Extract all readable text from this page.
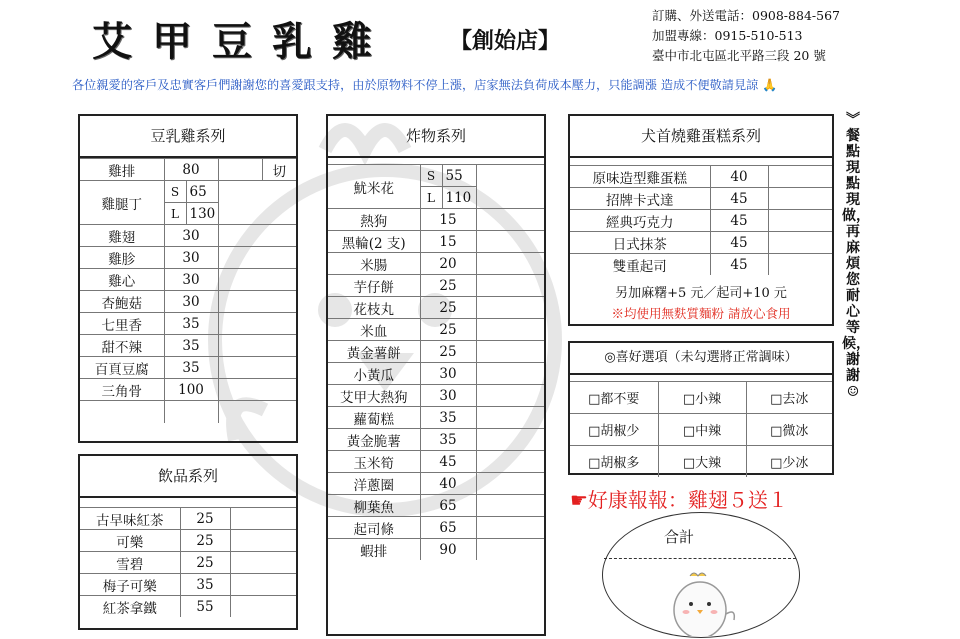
艾甲豆乳雞	【創始店】
訂購、外送電話：0908-884-567
加盟專線：0915-510-513
臺中市北屯區北平路三段 20 號
各位親愛的客戶及忠實客戶們謝謝您的喜愛跟支持，由於原物料不停上漲，店家無法負荷成本壓力，只能調漲 造成不便敬請見諒 🙏
豆乳雞系列
雞排	80			切
雞腿丁	S	65		
	L	130		
雞翅	30			
雞胗	30			
雞心	30			
杏鮑菇	30			
七里香	35			
甜不辣	35			
百頁豆腐	35			
三角骨	100			

飲品系列
古早味紅茶	25	
可樂	25	
雪碧	25	
梅子可樂	35	
紅茶拿鐵	55	
炸物系列
魷米花	S	55	
	L	110	
熱狗	15		
黑輪(2 支)	15		
米腸	20		
芋仔餅	25		
花枝丸	25		
米血	25		
黃金薯餅	25		
小黃瓜	30		
艾甲大熱狗	30		
蘿蔔糕	35		
黃金脆薯	35		
玉米筍	45		
洋蔥圈	40		
柳葉魚	65		
起司條	65		
蝦排	90		
犬首燒雞蛋糕系列
原味造型雞蛋糕	40	
招牌卡式達	45	
經典巧克力	45	
日式抹茶	45	
雙重起司	45	
另加麻糬+5 元／起司+10 元
※均使用無麩質麵粉 請放心食用
◎喜好選項（未勾選將正常調味）
□都不要	□小辣	□去冰
□胡椒少	□中辣	□微冰
□胡椒多	□大辣	□少冰
☛好康報報：雞翅５送１
合計
︾餐點現點現做，再麻煩您耐心等候，謝謝☺
